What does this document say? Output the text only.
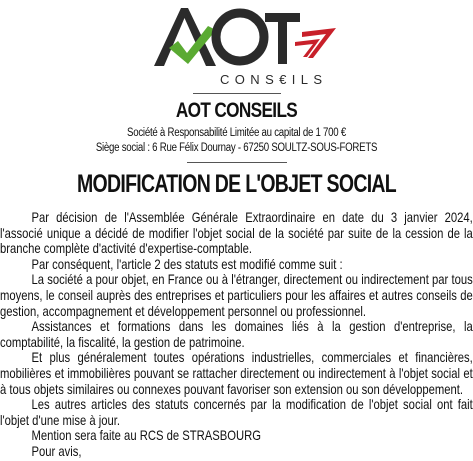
CONS€ILS
AOT CONSEILS
Société à Responsabilité Limitée au capital de 1 700 €
Siège social : 6 Rue Félix Dournay - 67250 SOULTZ-SOUS-FORETS
MODIFICATION DE L'OBJET SOCIAL

Par décision de l'Assemblée Générale Extraordinaire en date du 3 janvier 2024, l'associé unique a décidé de modifier l'objet social de la société par suite de la cession de la branche complète d'activité d'expertise-comptable.

Par conséquent, l'article 2 des statuts est modifié comme suit :

La société a pour objet, en France ou à l'étranger, directement ou indirectement par tous moyens, le conseil auprès des entreprises et particuliers pour les affaires et autres conseils de gestion, accompagnement et développement personnel ou professionnel.

Assistances et formations dans les domaines liés à la gestion d'entreprise, la comptabilité, la fiscalité, la gestion de patrimoine.

Et plus généralement toutes opérations industrielles, commerciales et financières, mobilières et immobilières pouvant se rattacher directement ou indirectement à l'objet social et à tous objets similaires ou connexes pouvant favoriser son extension ou son développement.

Les autres articles des statuts concernés par la modification de l'objet social ont fait l'objet d'une mise à jour.

Mention sera faite au RCS de STRASBOURG

Pour avis,
